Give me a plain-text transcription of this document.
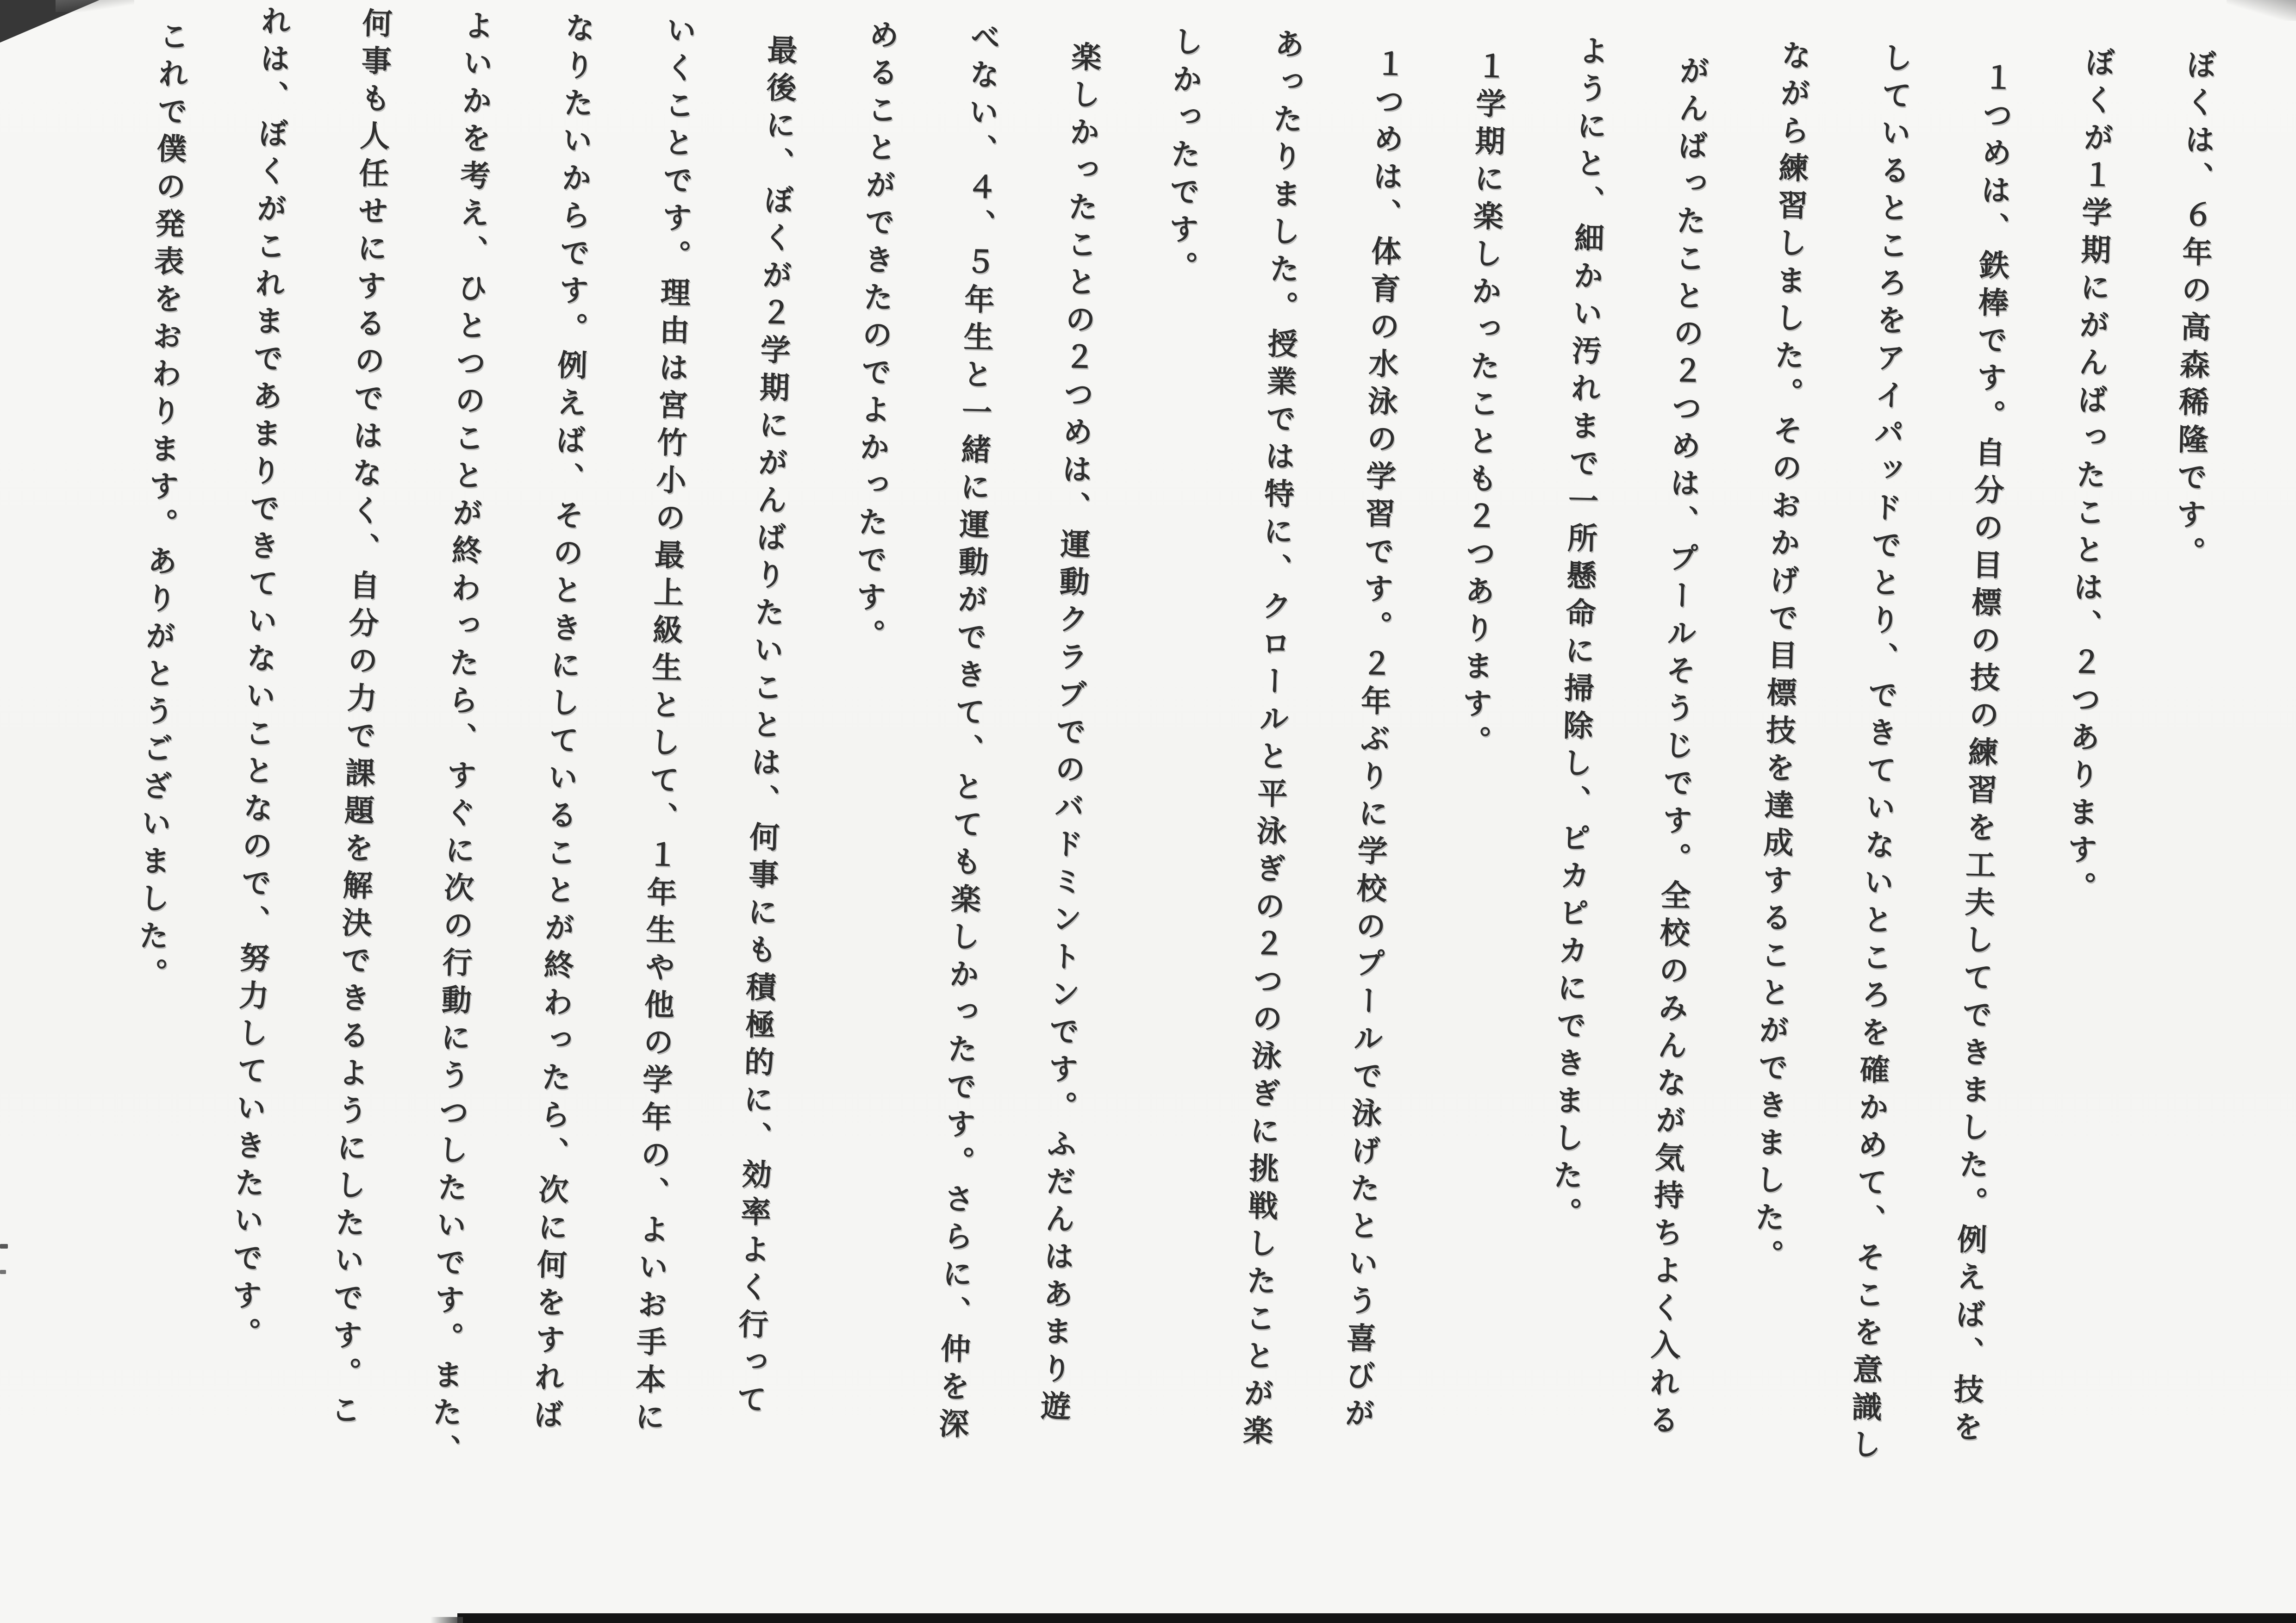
ぼくは、６年の高森稀隆です。
ぼくが１学期にがんばったことは、２つあります。
１つめは、鉄棒です。自分の目標の技の練習を工夫してできました。例えば、技を
しているところをアイパッドでとり、できていないところを確かめて、そこを意識し
ながら練習しました。そのおかげで目標技を達成することができました。
がんばったことの２つめは、プールそうじです。全校のみんなが気持ちよく入れる
ようにと、細かい汚れまで一所懸命に掃除し、ピカピカにできました。
１学期に楽しかったことも２つあります。
１つめは、体育の水泳の学習です。２年ぶりに学校のプールで泳げたという喜びが
あったりました。授業では特に、クロールと平泳ぎの２つの泳ぎに挑戦したことが楽
しかったです。
楽しかったことの２つめは、運動クラブでのバドミントンです。ふだんはあまり遊
べない、４、５年生と一緒に運動ができて、とても楽しかったです。さらに、仲を深
めることができたのでよかったです。
最後に、ぼくが２学期にがんばりたいことは、何事にも積極的に、効率よく行って
いくことです。理由は宮竹小の最上級生として、１年生や他の学年の、よいお手本に
なりたいからです。例えば、そのときにしていることが終わったら、次に何をすれば
よいかを考え、ひとつのことが終わったら、すぐに次の行動にうつしたいです。また、
何事も人任せにするのではなく、自分の力で課題を解決できるようにしたいです。こ
れは、ぼくがこれまであまりできていないことなので、努力していきたいです。
これで僕の発表をおわります。ありがとうございました。
